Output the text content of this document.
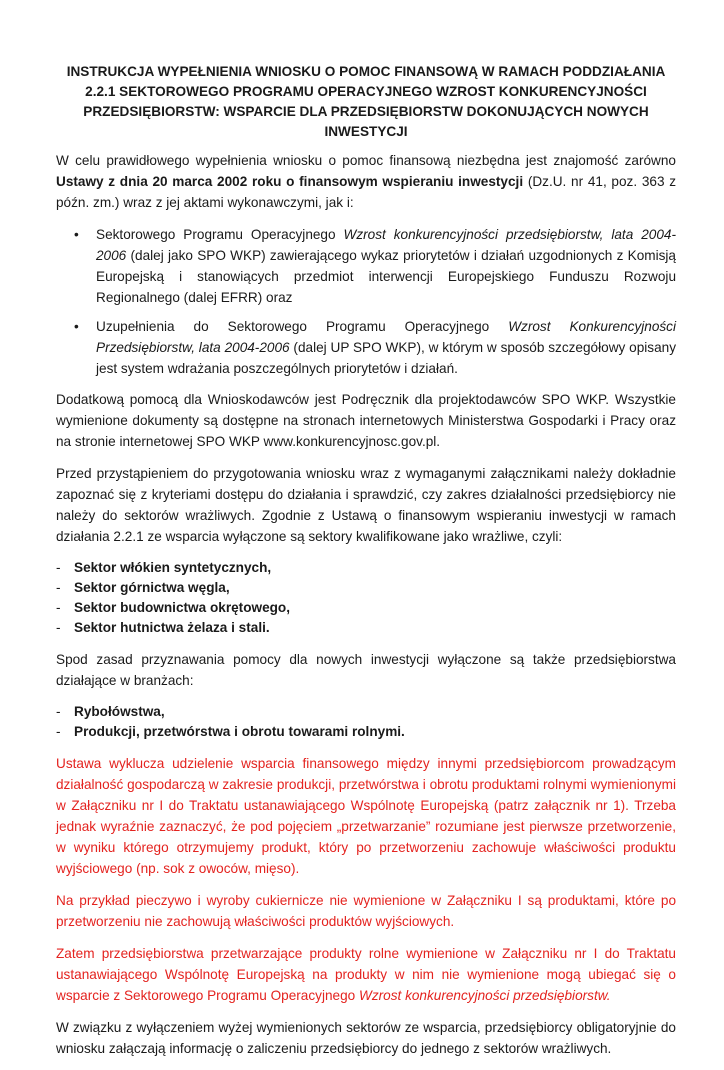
INSTRUKCJA WYPEŁNIENIA WNIOSKU O POMOC FINANSOWĄ W RAMACH PODDZIAŁANIA
2.2.1 SEKTOROWEGO PROGRAMU OPERACYJNEGO WZROST KONKURENCYJNOŚCI
PRZEDSIĘBIORSTW: WSPARCIE DLA PRZEDSIĘBIORSTW DOKONUJĄCYCH NOWYCH
INWESTYCJI

W celu prawidłowego wypełnienia wniosku o pomoc finansową niezbędna jest znajomość zarówno Ustawy z dnia 20 marca 2002 roku o finansowym wspieraniu inwestycji (Dz.U. nr 41, poz. 363 z późn. zm.) wraz z jej aktami wykonawczymi, jak i:

• Sektorowego Programu Operacyjnego Wzrost konkurencyjności przedsiębiorstw, lata 2004-2006 (dalej jako SPO WKP) zawierającego wykaz priorytetów i działań uzgodnionych z Komisją Europejską i stanowiących przedmiot interwencji Europejskiego Funduszu Rozwoju Regionalnego (dalej EFRR) oraz
• Uzupełnienia do Sektorowego Programu Operacyjnego Wzrost Konkurencyjności Przedsiębiorstw, lata 2004-2006 (dalej UP SPO WKP), w którym w sposób szczegółowy opisany jest system wdrażania poszczególnych priorytetów i działań.

Dodatkową pomocą dla Wnioskodawców jest Podręcznik dla projektodawców SPO WKP. Wszystkie wymienione dokumenty są dostępne na stronach internetowych Ministerstwa Gospodarki i Pracy oraz na stronie internetowej SPO WKP www.konkurencyjnosc.gov.pl.

Przed przystąpieniem do przygotowania wniosku wraz z wymaganymi załącznikami należy dokładnie zapoznać się z kryteriami dostępu do działania i sprawdzić, czy zakres działalności przedsiębiorcy nie należy do sektorów wrażliwych. Zgodnie z Ustawą o finansowym wspieraniu inwestycji w ramach działania 2.2.1 ze wsparcia wyłączone są sektory kwalifikowane jako wrażliwe, czyli:

- Sektor włókien syntetycznych,
- Sektor górnictwa węgla,
- Sektor budownictwa okrętowego,
- Sektor hutnictwa żelaza i stali.

Spod zasad przyznawania pomocy dla nowych inwestycji wyłączone są także przedsiębiorstwa działające w branżach:

- Rybołówstwa,
- Produkcji, przetwórstwa i obrotu towarami rolnymi.

Ustawa wyklucza udzielenie wsparcia finansowego między innymi przedsiębiorcom prowadzącym działalność gospodarczą w zakresie produkcji, przetwórstwa i obrotu produktami rolnymi wymienionymi w Załączniku nr I do Traktatu ustanawiającego Wspólnotę Europejską (patrz załącznik nr 1). Trzeba jednak wyraźnie zaznaczyć, że pod pojęciem „przetwarzanie” rozumiane jest pierwsze przetworzenie, w wyniku którego otrzymujemy produkt, który po przetworzeniu zachowuje właściwości produktu wyjściowego (np. sok z owoców, mięso).

Na przykład pieczywo i wyroby cukiernicze nie wymienione w Załączniku I są produktami, które po przetworzeniu nie zachowują właściwości produktów wyjściowych.

Zatem przedsiębiorstwa przetwarzające produkty rolne wymienione w Załączniku nr I do Traktatu ustanawiającego Wspólnotę Europejską na produkty w nim nie wymienione mogą ubiegać się o wsparcie z Sektorowego Programu Operacyjnego Wzrost konkurencyjności przedsiębiorstw.

W związku z wyłączeniem wyżej wymienionych sektorów ze wsparcia, przedsiębiorcy obligatoryjnie do wniosku załączają informację o zaliczeniu przedsiębiorcy do jednego z sektorów wrażliwych.
